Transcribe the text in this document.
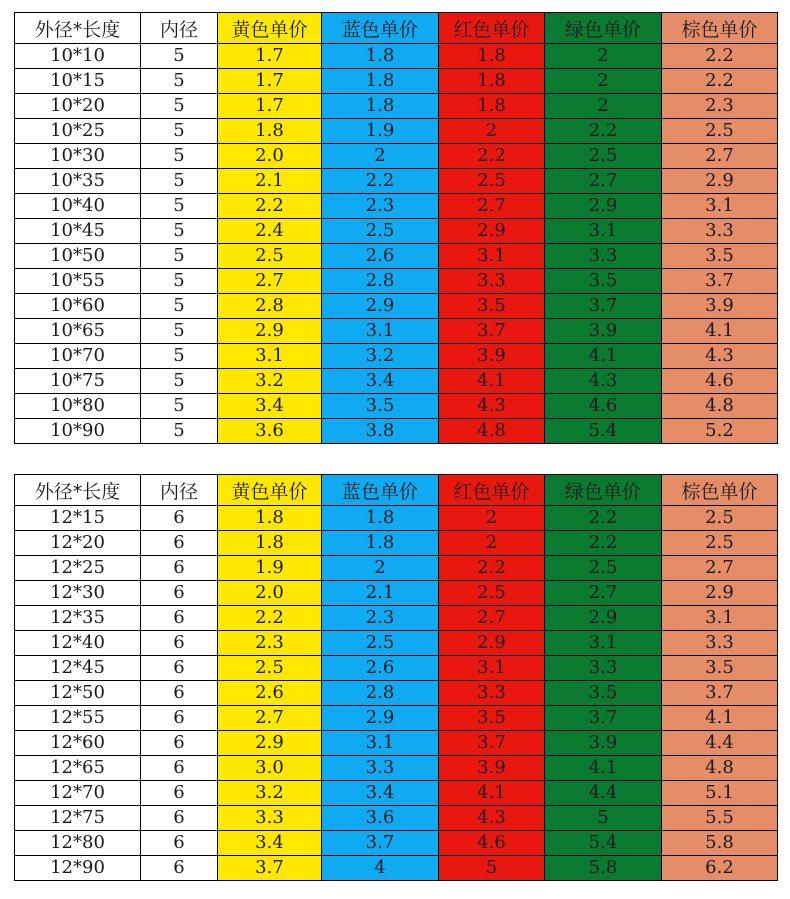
外径*长度	内径	黄色单价	蓝色单价	红色单价	绿色单价	棕色单价
10*10	5	1.7	1.8	1.8	2	2.2
10*15	5	1.7	1.8	1.8	2	2.2
10*20	5	1.7	1.8	1.8	2	2.3
10*25	5	1.8	1.9	2	2.2	2.5
10*30	5	2.0	2	2.2	2.5	2.7
10*35	5	2.1	2.2	2.5	2.7	2.9
10*40	5	2.2	2.3	2.7	2.9	3.1
10*45	5	2.4	2.5	2.9	3.1	3.3
10*50	5	2.5	2.6	3.1	3.3	3.5
10*55	5	2.7	2.8	3.3	3.5	3.7
10*60	5	2.8	2.9	3.5	3.7	3.9
10*65	5	2.9	3.1	3.7	3.9	4.1
10*70	5	3.1	3.2	3.9	4.1	4.3
10*75	5	3.2	3.4	4.1	4.3	4.6
10*80	5	3.4	3.5	4.3	4.6	4.8
10*90	5	3.6	3.8	4.8	5.4	5.2
外径*长度	内径	黄色单价	蓝色单价	红色单价	绿色单价	棕色单价
12*15	6	1.8	1.8	2	2.2	2.5
12*20	6	1.8	1.8	2	2.2	2.5
12*25	6	1.9	2	2.2	2.5	2.7
12*30	6	2.0	2.1	2.5	2.7	2.9
12*35	6	2.2	2.3	2.7	2.9	3.1
12*40	6	2.3	2.5	2.9	3.1	3.3
12*45	6	2.5	2.6	3.1	3.3	3.5
12*50	6	2.6	2.8	3.3	3.5	3.7
12*55	6	2.7	2.9	3.5	3.7	4.1
12*60	6	2.9	3.1	3.7	3.9	4.4
12*65	6	3.0	3.3	3.9	4.1	4.8
12*70	6	3.2	3.4	4.1	4.4	5.1
12*75	6	3.3	3.6	4.3	5	5.5
12*80	6	3.4	3.7	4.6	5.4	5.8
12*90	6	3.7	4	5	5.8	6.2
